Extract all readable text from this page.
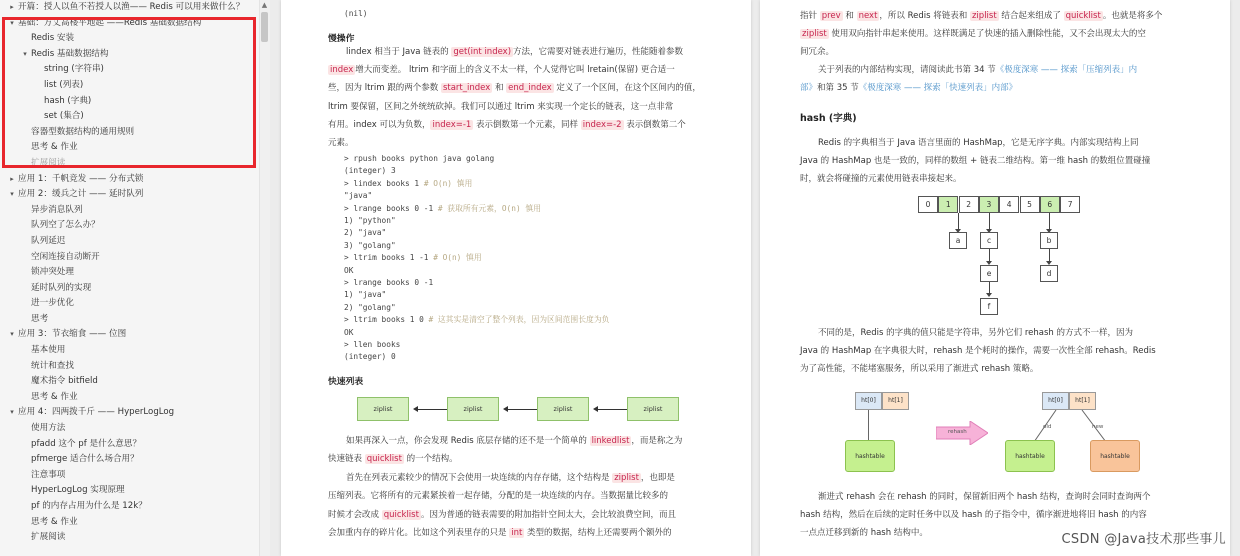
▸ 开篇：授人以鱼不若授人以渔—— Redis 可以用来做什么？
▾ 基础：万丈高楼平地起 ——Redis 基础数据结构
Redis 安装
▾ Redis 基础数据结构
string (字符串)
list (列表)
hash (字典)
set (集合)
容器型数据结构的通用规则
思考 & 作业
扩展阅读
▸ 应用 1：千帆竞发 —— 分布式锁
▾ 应用 2：缓兵之计 —— 延时队列
异步消息队列
队列空了怎么办？
队列延迟
空闲连接自动断开
锁冲突处理
延时队列的实现
进一步优化
思考
▾ 应用 3：节衣缩食 —— 位图
基本使用
统计和查找
魔术指令 bitfield
思考 & 作业
▾ 应用 4：四两拨千斤 —— HyperLogLog
使用方法
pfadd 这个 pf 是什么意思？
pfmerge 适合什么场合用？
注意事项
HyperLogLog 实现原理
pf 的内存占用为什么是 12k？
思考 & 作业
扩展阅读
▲
(nil)
慢操作
lindex 相当于 Java 链表的 get(int index) 方法，它需要对链表进行遍历，性能随着参数
index 增大而变差。 ltrim 和字面上的含义不太一样，个人觉得它叫 lretain(保留) 更合适一
些，因为 ltrim 跟的两个参数 start_index 和 end_index 定义了一个区间，在这个区间内的值，
ltrim 要保留，区间之外统统砍掉。我们可以通过 ltrim 来实现一个定长的链表，这一点非常
有用。index 可以为负数， index=-1 表示倒数第一个元素，同样 index=-2 表示倒数第二个
元素。
> rpush books python java golang
(integer) 3
> lindex books 1 # O(n) 慎用
"java"
> lrange books 0 -1 # 获取所有元素，O(n) 慎用
1) "python"
2) "java"
3) "golang"
> ltrim books 1 -1 # O(n) 慎用
OK
> lrange books 0 -1
1) "java"
2) "golang"
> ltrim books 1 0 # 这其实是清空了整个列表，因为区间范围长度为负
OK
> llen books
(integer) 0
快速列表
ziplist	ziplist	ziplist	ziplist
如果再深入一点，你会发现 Redis 底层存储的还不是一个简单的 linkedlist ，而是称之为
快速链表 quicklist 的一个结构。
首先在列表元素较少的情况下会使用一块连续的内存存储，这个结构是 ziplist ，也即是
压缩列表。它将所有的元素紧挨着一起存储，分配的是一块连续的内存。当数据量比较多的
时候才会改成 quicklist 。因为普通的链表需要的附加指针空间太大，会比较浪费空间，而且
会加重内存的碎片化。比如这个列表里存的只是 int 类型的数据，结构上还需要两个额外的
指针 prev 和 next ，所以 Redis 将链表和 ziplist 结合起来组成了 quicklist 。也就是将多个
ziplist 使用双向指针串起来使用。这样既满足了快速的插入删除性能，又不会出现太大的空
间冗余。
关于列表的内部结构实现，请阅读此书第 34 节《极度深寒 —— 探索「压缩列表」内
部》和第 35 节《极度深寒 —— 探索「快速列表」内部》
hash (字典)
Redis 的字典相当于 Java 语言里面的 HashMap，它是无序字典。内部实现结构上同
Java 的 HashMap 也是一致的，同样的数组 + 链表二维结构。第一维 hash 的数组位置碰撞
时，就会将碰撞的元素使用链表串接起来。
0	1	2	3	4	5	6	7
a	c
e
f
b
d
不同的是，Redis 的字典的值只能是字符串，另外它们 rehash 的方式不一样，因为
Java 的 HashMap 在字典很大时，rehash 是个耗时的操作，需要一次性全部 rehash。Redis
为了高性能，不能堵塞服务，所以采用了渐进式 rehash 策略。
ht[0]	ht[1]
hashtable
rehash
ht[0]	ht[1]
old	new
hashtable	hashtable
渐进式 rehash 会在 rehash 的同时，保留新旧两个 hash 结构，查询时会同时查询两个
hash 结构，然后在后续的定时任务中以及 hash 的子指令中，循序渐进地将旧 hash 的内容
一点点迁移到新的 hash 结构中。	CSDN @Java技术那些事儿
